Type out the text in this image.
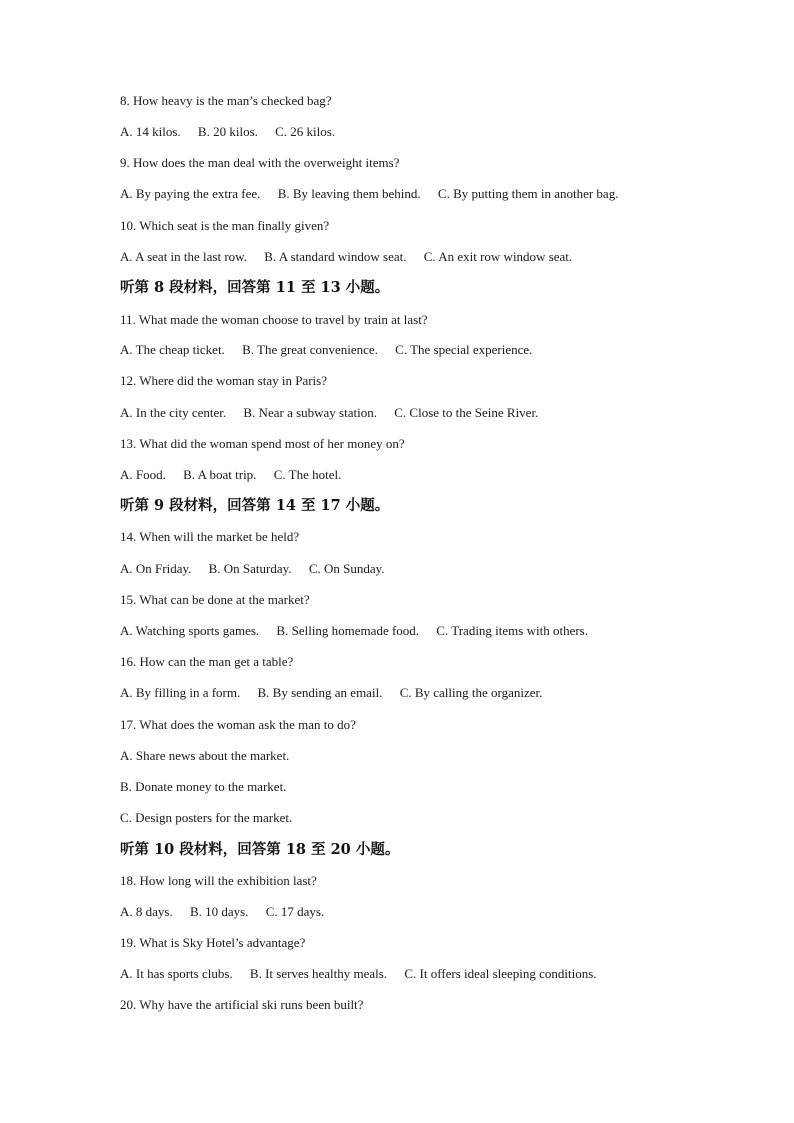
8. How heavy is the man’s checked bag?
A. 14 kilos. B. 20 kilos. C. 26 kilos.
9. How does the man deal with the overweight items?
A. By paying the extra fee. B. By leaving them behind. C. By putting them in another bag.
10. Which seat is the man finally given?
A. A seat in the last row. B. A standard window seat. C. An exit row window seat.
听第 8 段材料，回答第 11 至 13 小题。
11. What made the woman choose to travel by train at last?
A. The cheap ticket. B. The great convenience. C. The special experience.
12. Where did the woman stay in Paris?
A. In the city center. B. Near a subway station. C. Close to the Seine River.
13. What did the woman spend most of her money on?
A. Food. B. A boat trip. C. The hotel.
听第 9 段材料，回答第 14 至 17 小题。
14. When will the market be held?
A. On Friday. B. On Saturday. C. On Sunday.
15. What can be done at the market?
A. Watching sports games. B. Selling homemade food. C. Trading items with others.
16. How can the man get a table?
A. By filling in a form. B. By sending an email. C. By calling the organizer.
17. What does the woman ask the man to do?
A. Share news about the market.
B. Donate money to the market.
C. Design posters for the market.
听第 10 段材料，回答第 18 至 20 小题。
18. How long will the exhibition last?
A. 8 days. B. 10 days. C. 17 days.
19. What is Sky Hotel’s advantage?
A. It has sports clubs. B. It serves healthy meals. C. It offers ideal sleeping conditions.
20. Why have the artificial ski runs been built?
